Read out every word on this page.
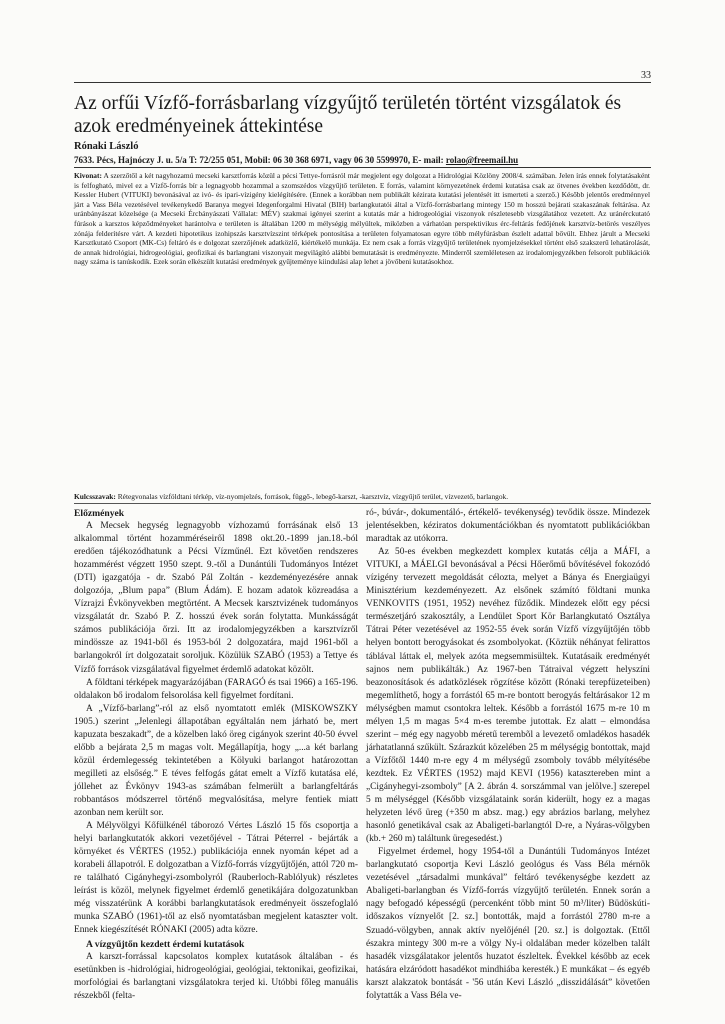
33
Az orfűi Vízfő-forrásbarlang vízgyűjtő területén történt vizsgálatok és azok eredményeinek áttekintése
Rónaki László
7633. Pécs, Hajnóczy J. u. 5/a T: 72/255 051, Mobil: 06 30 368 6971, vagy 06 30 5599970, E- mail: rolao@freemail.hu
Kivonat: A szerzőtől a két nagyhozamú mecseki karsztforrás közül a pécsi Tettye-forrásról már megjelent egy dolgozat a Hidrológiai Közlöny 2008/4. számában. Jelen írás ennek folytatásaként is felfogható, mivel ez a Vízfő-forrás bír a legnagyobb hozammal a szomszédos vízgyűjtő területen. E forrás, valamint környezetének érdemi kutatása csak az ötvenes években kezdődött, dr. Kessler Hubert (VITUKI) bevonásával az ivó- és ipari-vízigény kielégítésére. (Ennek a korábban nem publikált kézirata kutatási jelentését itt ismerteti a szerző.) Később jelentős eredménnyel járt a Vass Béla vezetésével tevékenykedő Baranya megyei Idegenforgalmi Hivatal (BIH) barlangkutatói által a Vízfő-forrásbarlang mintegy 150 m hosszú bejárati szakaszának feltárása. Az uránbányászat közelsége (a Mecseki Ércbányászati Vállalat: MÉV) szakmai igényei szerint a kutatás már a hidrogeológiai viszonyok részletesebb vizsgálatához vezetett. Az uránérckutató fúrások a karsztos képződményeket harántolva e területen is általában 1200 m mélységig mélyültek, miközben a várhatóan perspektivikus érc-feltárás fedőjének karsztvíz-betörés veszélyes zónája felderítésre várt. A kezdeti hipotetikus izohipszás karsztvízszint térképek pontosítása a területen folyamatosan egyre több mélyfúrásban észlelt adattal bővült. Ehhez járult a Mecseki Karsztkutató Csoport (MK-Cs) feltáró és e dolgozat szerzőjének adatközlő, kiértékelő munkája. Ez nem csak a forrás vízgyűjtő területének nyomjelzésekkel történt első szakszerű lehatárolását, de annak hidrológiai, hidrogeológiai, geofizikai és barlangtani viszonyait megvilágító alábbi bemutatását is eredményezte. Minderről szemléletesen az irodalomjegyzékben felsorolt publikációk nagy száma is tanúskodik. Ezek során elkészült kutatási eredmények gyűjteménye kiindulási alap lehet a jövőbeni kutatásokhoz.
Kulcsszavak: Rétegvonalas vízföldtani térkép, víz-nyomjelzés, források, függő-, lebegő-karszt, -karsztvíz, vízgyűjtő terület, vízvezető, barlangok.
Előzmények

A Mecsek hegység legnagyobb vízhozamú forrásának első 13 alkalommal történt hozamméréseiről 1898 okt.20.-1899 jan.18.-ból eredően tájékozódhatunk a Pécsi Vízműnél. Ezt követően rendszeres hozammérést végzett 1950 szept. 9.-től a Dunántúli Tudományos Intézet (DTI) igazgatója - dr. Szabó Pál Zoltán - kezdeményezésére annak dolgozója, „Blum papa” (Blum Ádám). E hozam adatok közreadása a Vízrajzi Évkönyvekben megtörtént. A Mecsek karsztvizének tudományos vizsgálatát dr. Szabó P. Z. hosszú évek során folytatta. Munkásságát számos publikációja őrzi. Itt az irodalomjegyzékben a karsztvízről mindössze az 1941-ből és 1953-ból 2 dolgozatára, majd 1961-ből a barlangokról írt dolgozatait soroljuk. Közülük SZABÓ (1953) a Tettye és Vízfő források vizsgálatával figyelmet érdemlő adatokat közölt.

A földtani térképek magyarázójában (FARAGÓ és tsai 1966) a 165-196. oldalakon bő irodalom felsorolása kell figyelmet fordítani.

A „Vízfő-barlang”-ról az első nyomtatott emlék (MISKOWSZKY 1905.) szerint „Jelenlegi állapotában egyáltalán nem járható be, mert kapuzata beszakadt”, de a közelben lakó öreg cigányok szerint 40-50 évvel előbb a bejárata 2,5 m magas volt. Megállapítja, hogy „...a két barlang közül érdemlegesség tekintetében a Kölyuki barlangot határozottan megilleti az elsőség.” E téves felfogás gátat emelt a Vízfő kutatása elé, jóllehet az Évkönyv 1943-as számában felmerült a barlangfeltárás robbantásos módszerrel történő megvalósítása, melyre fentiek miatt azonban nem került sor.

A Mélyvölgyi Kőfülkénél táborozó Vértes László 15 fős csoportja a helyi barlangkutatók akkori vezetőjével - Tátrai Péterrel - bejárták a környéket és VÉRTES (1952.) publikációja ennek nyomán képet ad a korabeli állapotról. E dolgozatban a Vízfő-forrás vízgyűjtőjén, attól 720 m-re található Cigányhegyi-zsombolyról (Rauberloch-Rablólyuk) részletes leírást is közöl, melynek figyelmet érdemlő genetikájára dolgozatunkban még visszatérünk A korábbi barlangkutatások eredményeit összefoglaló munka SZABÓ (1961)-től az első nyomtatásban megjelent kataszter volt. Ennek kiegészítését RÓNAKI (2005) adta közre.

A vízgyűjtőn kezdett érdemi kutatások

A karszt-forrással kapcsolatos komplex kutatások általában - és esetünkben is -hidrológiai, hidrogeológiai, geológiai, tektonikai, geofizikai, morfológiai és barlangtani vizsgálatokra terjed ki. Utóbbi főleg manuális részekből (felta-

ró-, búvár-, dokumentáló-, értékelő- tevékenység) tevődik össze. Mindezek jelentésekben, kéziratos dokumentációkban és nyomtatott publikációkban maradtak az utókorra.

Az 50-es években megkezdett komplex kutatás célja a MÁFI, a VITUKI, a MÁELGI bevonásával a Pécsi Hőerőmű bővítésével fokozódó vízigény tervezett megoldását célozta, melyet a Bánya és Energiaügyi Minisztérium kezdeményezett. Az elsőnek számító földtani munka VENKOVITS (1951, 1952) nevéhez fűződik. Mindezek előtt egy pécsi természetjáró szakosztály, a Lendület Sport Kör Barlangkutató Osztálya Tátrai Péter vezetésével az 1952-55 évek során Vízfő vízgyűjtőjén több helyen bontott berogyásokat és zsombolyokat. (Köztük néhányat felirattos táblával láttak el, melyek azóta megsemmisültek. Kutatásaik eredményét sajnos nem publikálták.) Az 1967-ben Tátraival végzett helyszíni beazonosítások és adatközlések rögzítése között (Rónaki terepfüzeteiben) megemlíthető, hogy a forrástól 65 m-re bontott berogyás feltárásakor 12 m mélységben mamut csontokra leltek. Később a forrástól 1675 m-re 10 m mélyen 1,5 m magas 5×4 m-es terembe jutottak. Ez alatt – elmondása szerint – még egy nagyobb méretű terembõl a levezető omladékos hasadék járhatatlanná szűkült. Szárazkút közelében 25 m mélységig bontottak, majd a Vízfőtől 1440 m-re egy 4 m mélységű zsomboly tovább mélyítésébe kezdtek. Ez VÉRTES (1952) majd KEVI (1956) katasztereben mint a „Cigányhegyi-zsomboly” [A 2. ábrán 4. sorszámmal van jelölve.] szerepel 5 m mélységgel (Később vizsgálataink során kiderült, hogy ez a magas helyzeten lévő üreg (+350 m absz. mag.) egy abrázios barlang, melyhez hasonló genetikával csak az Abaligeti-barlangtól D-re, a Nyáras-völgyben (kb.+ 260 m) találtunk üregesedést.)

Figyelmet érdemel, hogy 1954-től a Dunántúli Tudományos Intézet barlangkutató csoportja Kevi László geológus és Vass Béla mérnök vezetésével „társadalmi munkával” feltáró tevékenységbe kezdett az Abaligeti-barlangban és Vízfő-forrás vízgyűjtő területén. Ennek során a nagy befogadó képességű (percenként több mint 50 m³/liter) Büdöskúti-időszakos víznyelőt [2. sz.] bontották, majd a forrástól 2780 m-re a Szuadó-völgyben, annak aktív nyelőjénél [20. sz.] is dolgoztak. (Ettől északra mintegy 300 m-re a völgy Ny-i oldalában meder közelben talált hasadék vizsgálatakor jelentős huzatot észleltek. Évekkel később az ecek hatására elzáródott hasadékot mindhiába keresték.) E munkákat – és egyéb karszt alakzatok bontását - '56 után Kevi László „disszidálását” követően folytatták a Vass Béla ve-
